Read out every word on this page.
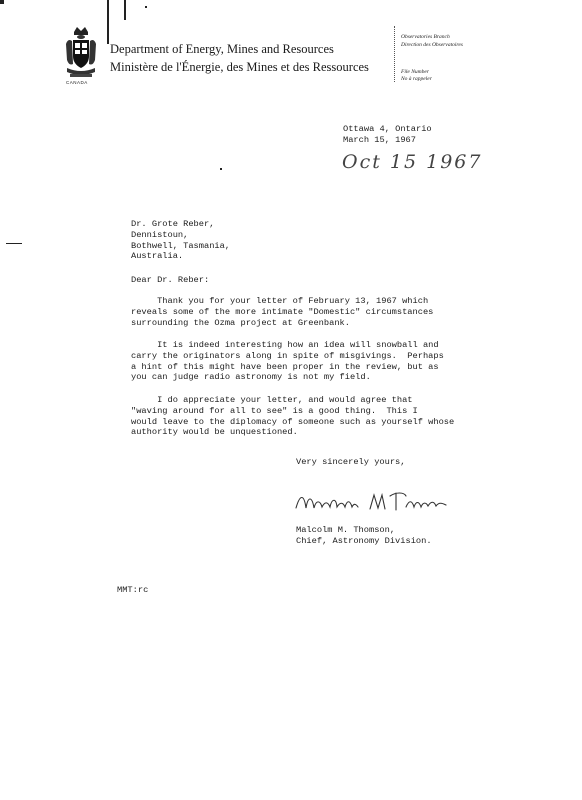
CANADA
Department of Energy, Mines and Resources
Ministère de l'Énergie, des Mines et des Ressources
Observatories Branch
Direction des Observatoires
File Number
No à rappeler
Ottawa 4, Ontario
March 15, 1967
Oct 15 1967
Dr. Grote Reber,
Dennistoun,
Bothwell, Tasmania,
Australia.
Dear Dr. Reber:
Thank you for your letter of February 13, 1967 which
reveals some of the more intimate "Domestic" circumstances
surrounding the Ozma project at Greenbank.
It is indeed interesting how an idea will snowball and
carry the originators along in spite of misgivings.  Perhaps
a hint of this might have been proper in the review, but as
you can judge radio astronomy is not my field.
I do appreciate your letter, and would agree that
"waving around for all to see" is a good thing.  This I
would leave to the diplomacy of someone such as yourself whose
authority would be unquestioned.
Very sincerely yours,
Malcolm M. Thomson,
Chief, Astronomy Division.
MMT:rc
